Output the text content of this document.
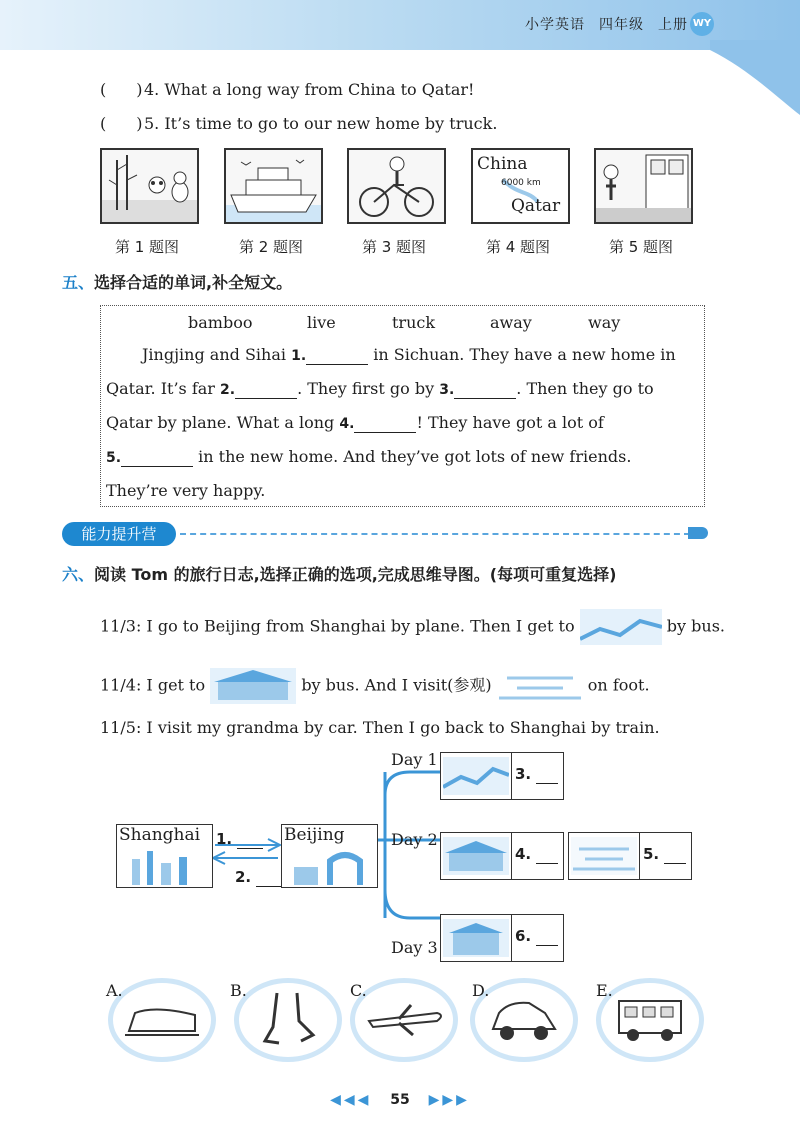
小学英语 四年级 上册 WY
( )4. What a long way from China to Qatar!
( )5. It’s time to go to our new home by truck.
China
6000 km
Qatar
第 1 题图	第 2 题图	第 3 题图	第 4 题图	第 5 题图
五、选择合适的单词,补全短文。
bamboo	live	truck	away	way
Jingjing and Sihai 1.	in Sichuan. They have a new home in
Qatar. It’s far 2.	. They first go by 3.	. Then they go to
Qatar by plane. What a long 4.	! They have got a lot of
5.	in the new home. And they’ve got lots of new friends.
They’re very happy.
能力提升营
六、阅读 Tom 的旅行日志,选择正确的选项,完成思维导图。(每项可重复选择)
11/3: I go to Beijing from Shanghai by plane. Then I get to	by bus.
11/4: I get to	by bus. And I visit(参观)	on foot.
11/5: I visit my grandma by car. Then I go back to Shanghai by train.
Shanghai 1.
2.
Beijing
Day 1
Day 2
Day 3
3.
4.	5.
6.
A.	B.	C.	D.	E.
◀◀◀ 55 ▶▶▶
